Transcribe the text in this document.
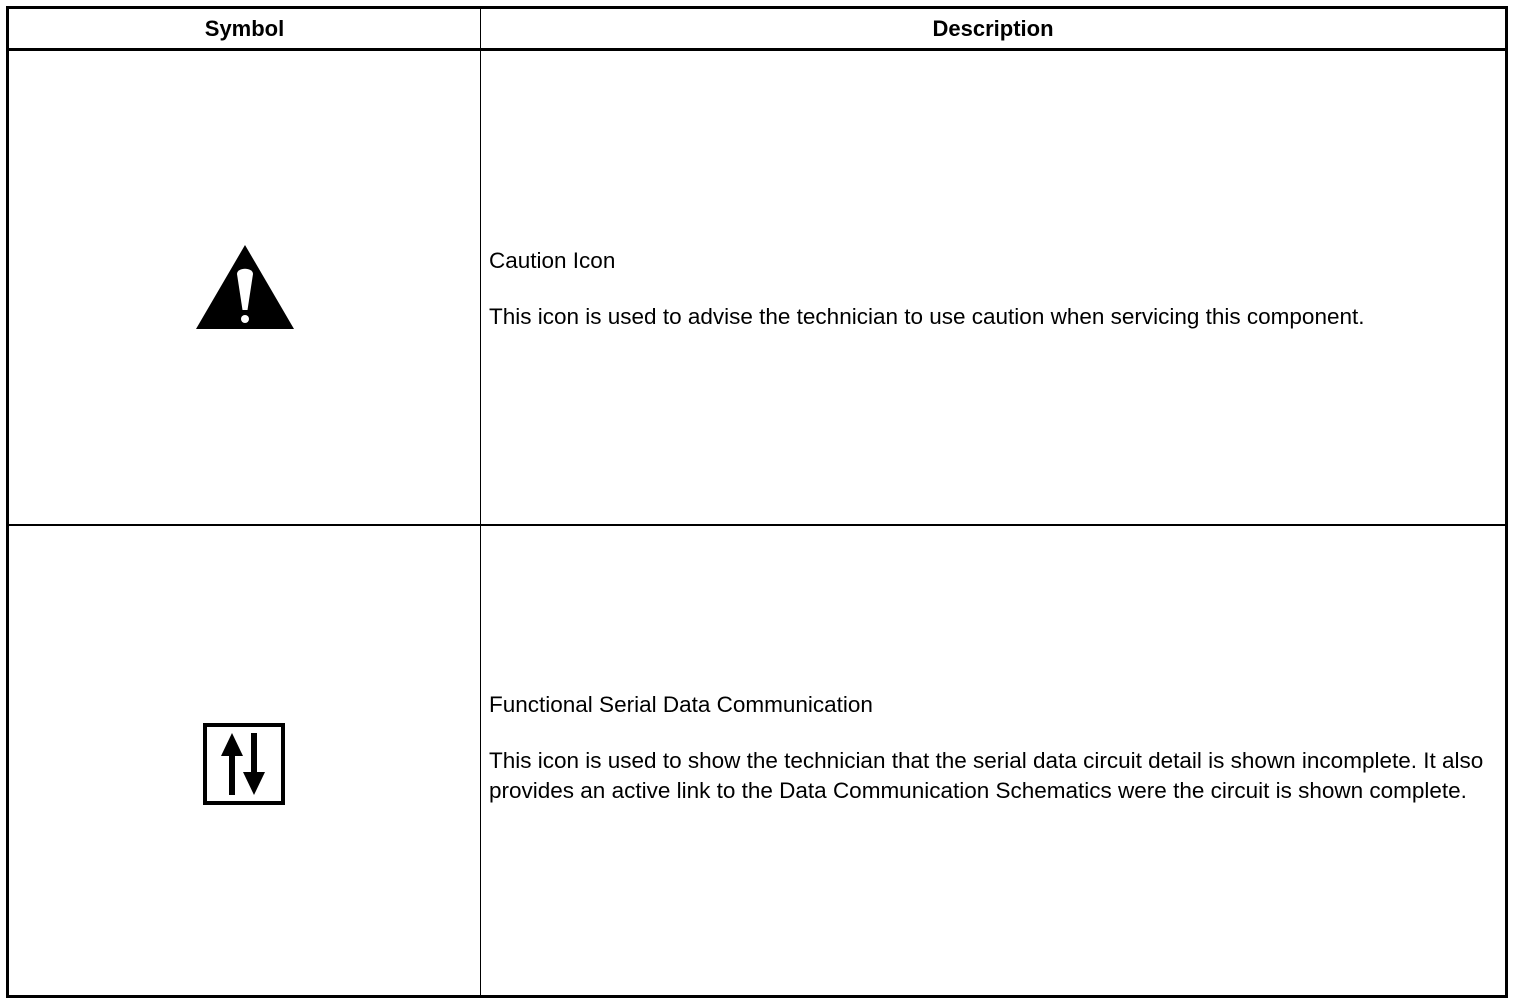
Symbol	Description

Caution Icon

This icon is used to advise the technician to use caution when servicing this component.

Functional Serial Data Communication

This icon is used to show the technician that the serial data circuit detail is shown incomplete. It also provides an active link to the Data Communication Schematics were the circuit is shown complete.
